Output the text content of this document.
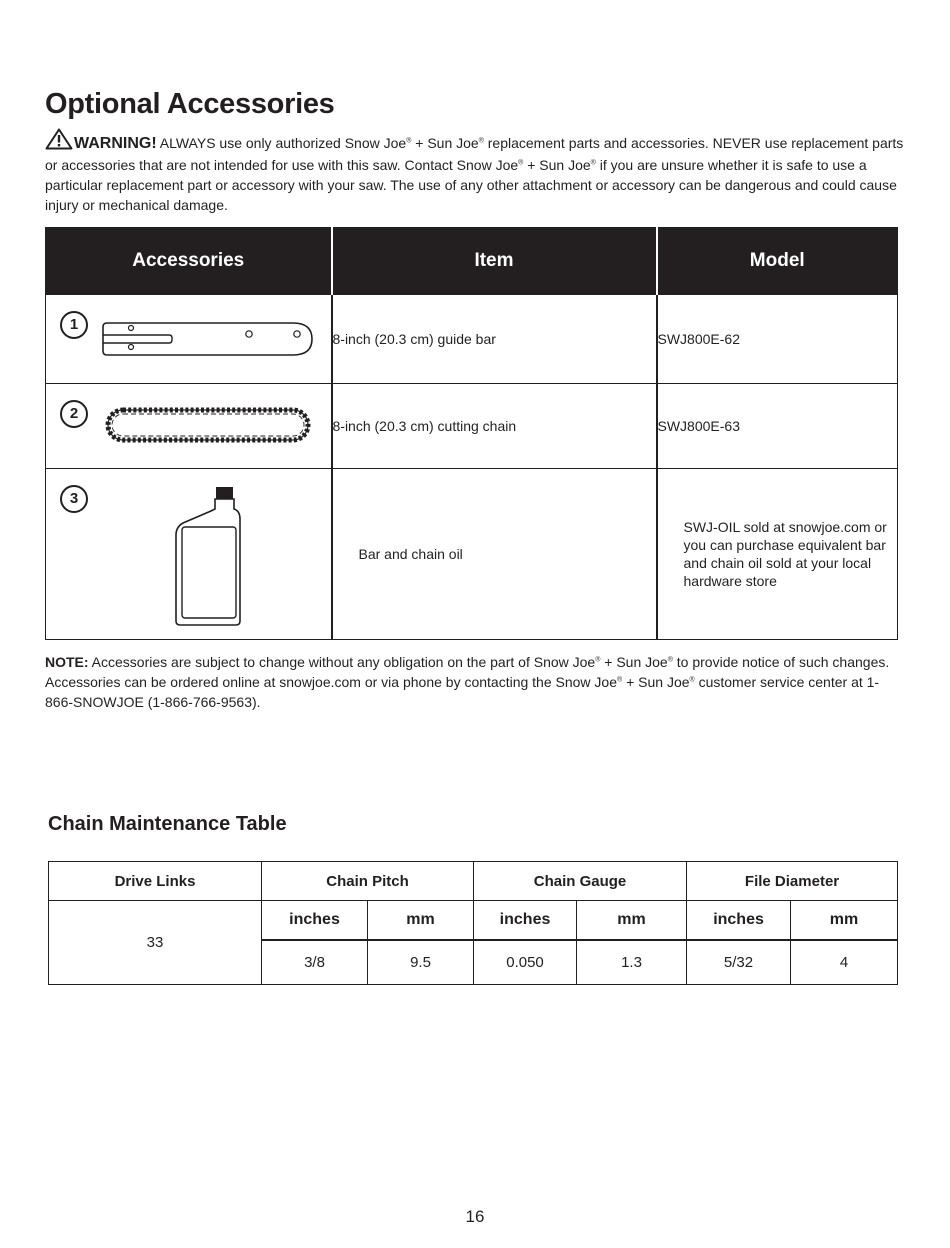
Optional Accessories
WARNING! ALWAYS use only authorized Snow Joe® + Sun Joe® replacement parts and accessories. NEVER use replacement parts or accessories that are not intended for use with this saw. Contact Snow Joe® + Sun Joe® if you are unsure whether it is safe to use a particular replacement part or accessory with your saw. The use of any other attachment or accessory can be dangerous and could cause injury or mechanical damage.
Accessories	Item	Model

1	8-inch (20.3 cm) guide bar	SWJ800E-62

2	8-inch (20.3 cm) cutting chain	SWJ800E-63

3	Bar and chain oil	SWJ-OIL sold at snowjoe.com or you can purchase equivalent bar and chain oil sold at your local hardware store
NOTE: Accessories are subject to change without any obligation on the part of Snow Joe® + Sun Joe® to provide notice of such changes. Accessories can be ordered online at snowjoe.com or via phone by contacting the Snow Joe® + Sun Joe® customer service center at 1-866-SNOWJOE (1-866-766-9563).
Chain Maintenance Table
Drive Links	Chain Pitch		Chain Gauge		File Diameter	
33	inches	mm	inches	mm	inches	mm
	3/8	9.5	0.050	1.3	5/32	4
16
